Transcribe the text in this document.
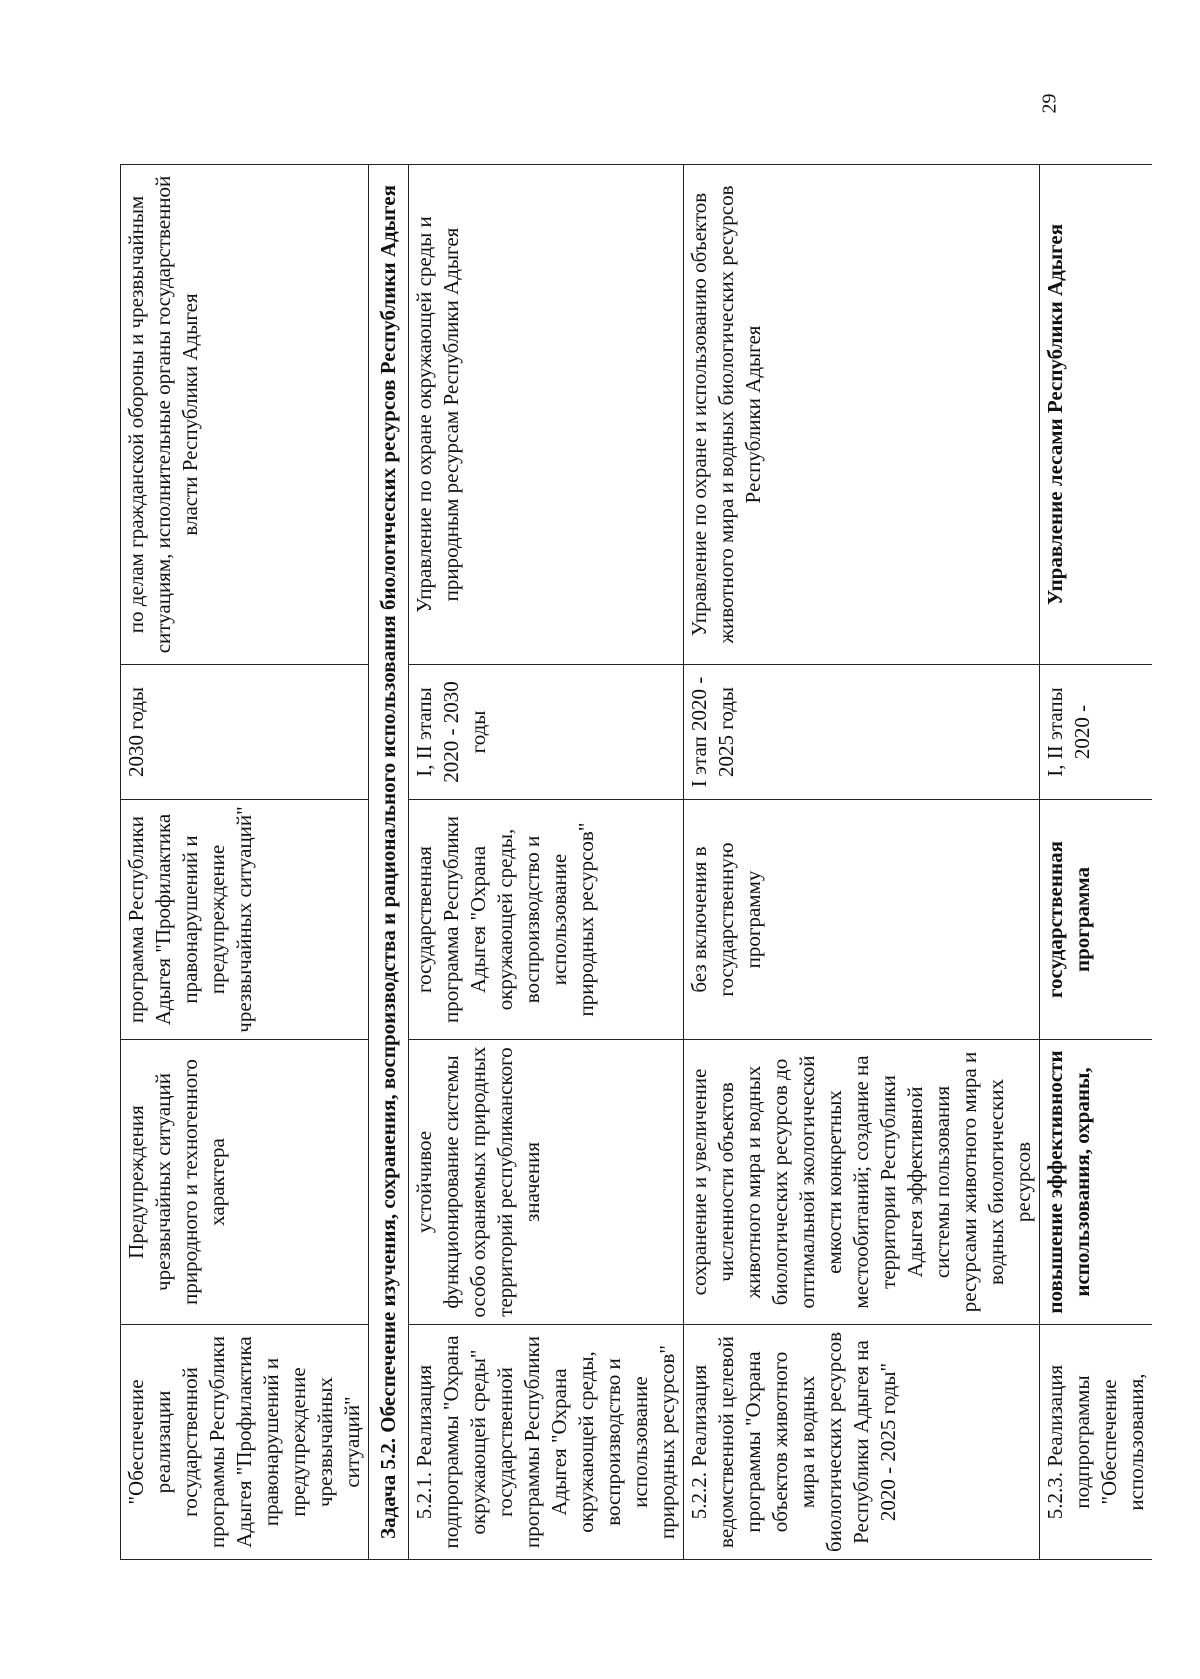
29
"Обеспечение реализации государственной программы Республики Адыгея "Профилактика правонарушений и предупреждение чрезвычайных ситуаций"	Предупреждения чрезвычайных ситуаций природного и техногенного характера	программа Республики Адыгея "Профилактика правонарушений и предупреждение чрезвычайных ситуаций"	2030 годы	по делам гражданской обороны и чрезвычайным ситуациям, исполнительные органы государственной власти Республики Адыгея
Задача 5.2. Обеспечение изучения, сохранения, воспроизводства и рационального использования биологических ресурсов Республики Адыгея				
5.2.1. Реализация подпрограммы "Охрана окружающей среды" государственной программы Республики Адыгея "Охрана окружающей среды, воспроизводство и использование природных ресурсов"	устойчивое функционирование системы особо охраняемых природных территорий республиканского значения	государственная программа Республики Адыгея "Охрана окружающей среды, воспроизводство и использование природных ресурсов"	I, II этапы 2020 - 2030 годы	Управление по охране окружающей среды и природным ресурсам Республики Адыгея
5.2.2. Реализация ведомственной целевой программы "Охрана объектов животного мира и водных биологических ресурсов Республики Адыгея на 2020 - 2025 годы"	сохранение и увеличение численности объектов животного мира и водных биологических ресурсов до оптимальной экологической емкости конкретных местообитаний; создание на территории Республики Адыгея эффективной системы пользования ресурсами животного мира и водных биологических ресурсов	без включения в государственную программу	I этап 2020 - 2025 годы	Управление по охране и использованию объектов животного мира и водных биологических ресурсов Республики Адыгея
5.2.3. Реализация подпрограммы "Обеспечение использования,	повышение эффективности использования, охраны,	государственная программа	I, II этапы 2020 -	Управление лесами Республики Адыгея
